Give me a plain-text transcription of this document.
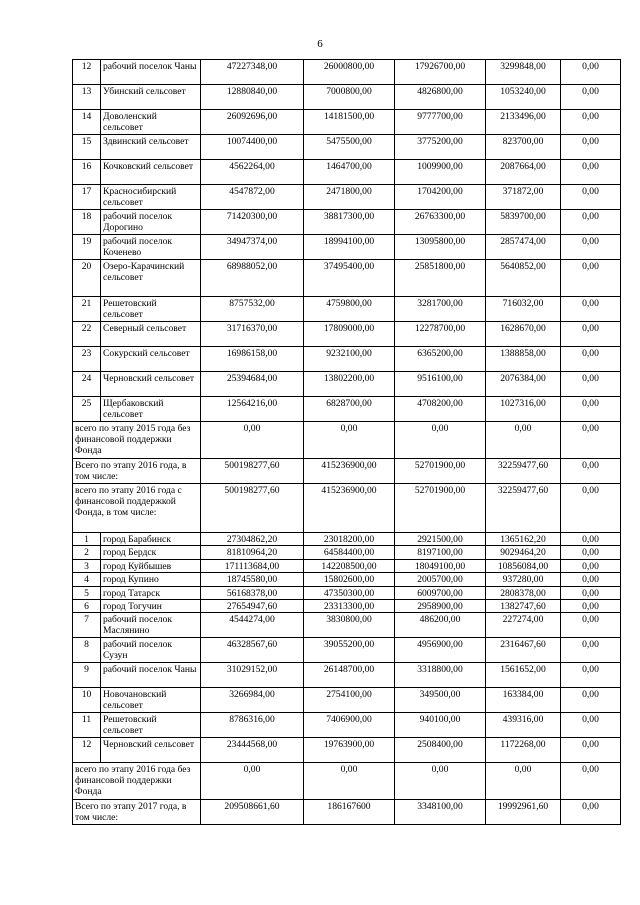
6
12	рабочий поселок Чаны	47227348,00	26000800,00	17926700,00	3299848,00	0,00
13	Убинский сельсовет	12880840,00	7000800,00	4826800,00	1053240,00	0,00
14	Доволенский сельсовет	26092696,00	14181500,00	9777700,00	2133496,00	0,00
15	Здвинский сельсовет	10074400,00	5475500,00	3775200,00	823700,00	0,00
16	Кочковский сельсовет	4562264,00	1464700,00	1009900,00	2087664,00	0,00
17	Красносибирский сельсовет	4547872,00	2471800,00	1704200,00	371872,00	0,00
18	рабочий поселок Дорогино	71420300,00	38817300,00	26763300,00	5839700,00	0,00
19	рабочий поселок Коченево	34947374,00	18994100,00	13095800,00	2857474,00	0,00
20	Озеро-Карачинский сельсовет	68988052,00	37495400,00	25851800,00	5640852,00	0,00
21	Решетовский сельсовет	8757532,00	4759800,00	3281700,00	716032,00	0,00
22	Северный сельсовет	31716370,00	17809000,00	12278700,00	1628670,00	0,00
23	Сокурский сельсовет	16986158,00	9232100,00	6365200,00	1388858,00	0,00
24	Черновский сельсовет	25394684,00	13802200,00	9516100,00	2076384,00	0,00
25	Щербаковский сельсовет	12564216,00	6828700,00	4708200,00	1027316,00	0,00
всего по этапу 2015 года без финансовой поддержки Фонда		0,00	0,00	0,00	0,00	0,00
Всего по этапу 2016 года, в том числе:		500198277,60	415236900,00	52701900,00	32259477,60	0,00
всего по этапу 2016 года с финансовой поддержкой Фонда, в том числе:		500198277,60	415236900,00	52701900,00	32259477,60	0,00
1	город Барабинск	27304862,20	23018200,00	2921500,00	1365162,20	0,00
2	город Бердск	81810964,20	64584400,00	8197100,00	9029464,20	0,00
3	город Куйбышев	171113684,00	142208500,00	18049100,00	10856084,00	0,00
4	город Купино	18745580,00	15802600,00	2005700,00	937280,00	0,00
5	город Татарск	56168378,00	47350300,00	6009700,00	2808378,00	0,00
6	город Тогучин	27654947,60	23313300,00	2958900,00	1382747,60	0,00
7	рабочий поселок Маслянино	4544274,00	3830800,00	486200,00	227274,00	0,00
8	рабочий поселок Сузун	46328567,60	39055200,00	4956900,00	2316467,60	0,00
9	рабочий поселок Чаны	31029152,00	26148700,00	3318800,00	1561652,00	0,00
10	Новочановский сельсовет	3266984,00	2754100,00	349500,00	163384,00	0,00
11	Решетовский сельсовет	8786316,00	7406900,00	940100,00	439316,00	0,00
12	Черновский сельсовет	23444568,00	19763900,00	2508400,00	1172268,00	0,00
всего по этапу 2016 года без финансовой поддержки Фонда		0,00	0,00	0,00	0,00	0,00
Всего по этапу 2017 года, в том числе:		209508661,60	186167600	3348100,00	19992961,60	0,00
